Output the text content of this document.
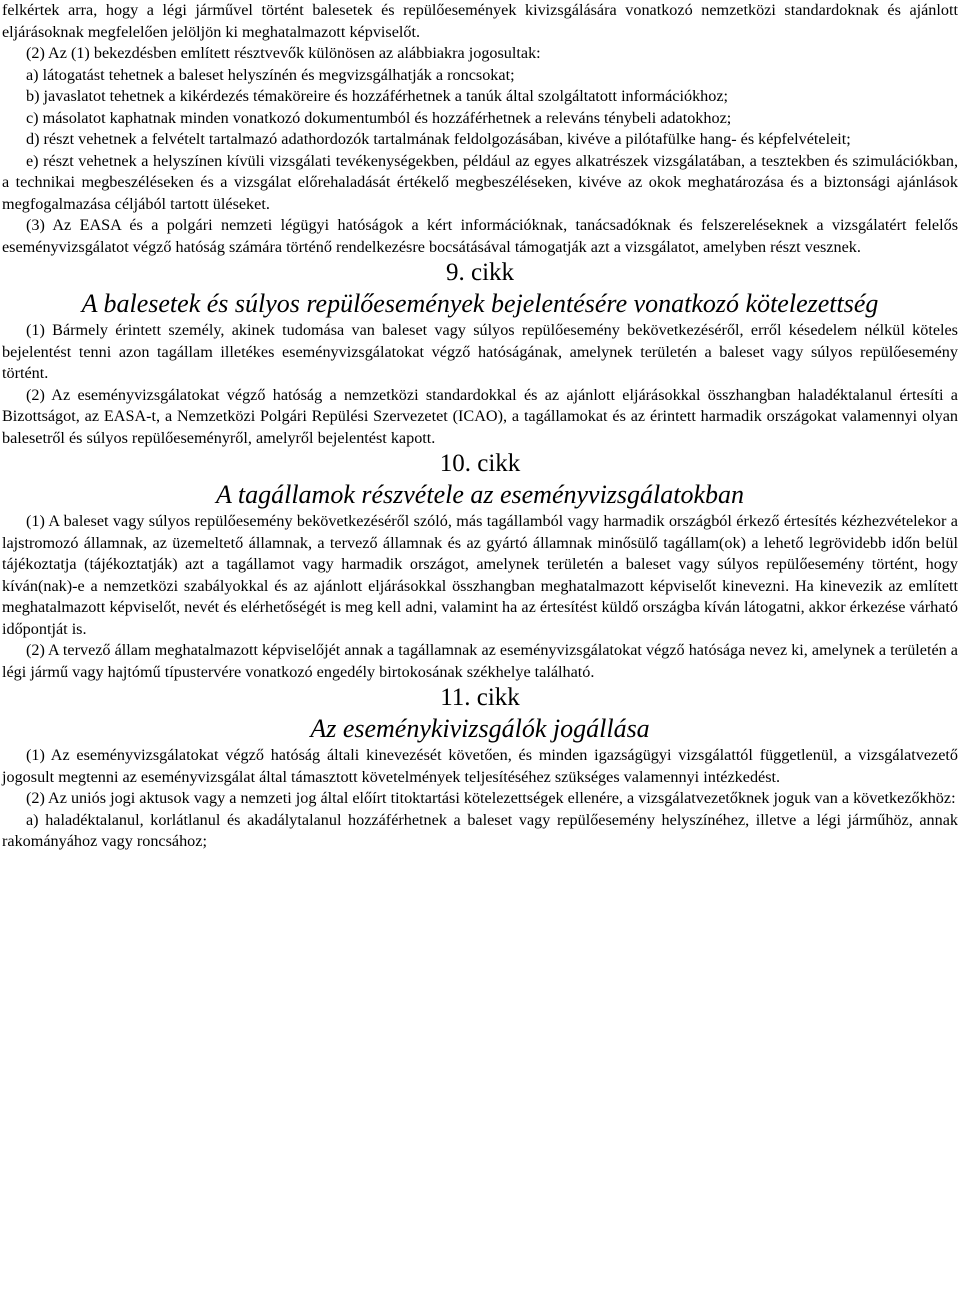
felkértek arra, hogy a légi járművel történt balesetek és repülőesemények kivizsgálására vonatkozó nemzetközi standardoknak és ajánlott eljárásoknak megfelelően jelöljön ki meghatalmazott képviselőt.

(2) Az (1) bekezdésben említett résztvevők különösen az alábbiakra jogosultak:

a) látogatást tehetnek a baleset helyszínén és megvizsgálhatják a roncsokat;

b) javaslatot tehetnek a kikérdezés témaköreire és hozzáférhetnek a tanúk által szolgáltatott információkhoz;

c) másolatot kaphatnak minden vonatkozó dokumentumból és hozzáférhetnek a releváns ténybeli adatokhoz;

d) részt vehetnek a felvételt tartalmazó adathordozók tartalmának feldolgozásában, kivéve a pilótafülke hang- és képfelvételeit;

e) részt vehetnek a helyszínen kívüli vizsgálati tevékenységekben, például az egyes alkatrészek vizsgálatában, a tesztekben és szimulációkban, a technikai megbeszéléseken és a vizsgálat előrehaladását értékelő megbeszéléseken, kivéve az okok meghatározása és a biztonsági ajánlások megfogalmazása céljából tartott üléseket.

(3) Az EASA és a polgári nemzeti légügyi hatóságok a kért információknak, tanácsadóknak és felszereléseknek a vizsgálatért felelős eseményvizsgálatot végző hatóság számára történő rendelkezésre bocsátásával támogatják azt a vizsgálatot, amelyben részt vesznek.

9. cikk

A balesetek és súlyos repülőesemények bejelentésére vonatkozó kötelezettség

(1) Bármely érintett személy, akinek tudomása van baleset vagy súlyos repülőesemény bekövetkezéséről, erről késedelem nélkül köteles bejelentést tenni azon tagállam illetékes eseményvizsgálatokat végző hatóságának, amelynek területén a baleset vagy súlyos repülőesemény történt.

(2) Az eseményvizsgálatokat végző hatóság a nemzetközi standardokkal és az ajánlott eljárásokkal összhangban haladéktalanul értesíti a Bizottságot, az EASA-t, a Nemzetközi Polgári Repülési Szervezetet (ICAO), a tagállamokat és az érintett harmadik országokat valamennyi olyan balesetről és súlyos repülőeseményről, amelyről bejelentést kapott.

10. cikk

A tagállamok részvétele az eseményvizsgálatokban

(1) A baleset vagy súlyos repülőesemény bekövetkezéséről szóló, más tagállamból vagy harmadik országból érkező értesítés kézhezvételekor a lajstromozó államnak, az üzemeltető államnak, a tervező államnak és az gyártó államnak minősülő tagállam(ok) a lehető legrövidebb időn belül tájékoztatja (tájékoztatják) azt a tagállamot vagy harmadik országot, amelynek területén a baleset vagy súlyos repülőesemény történt, hogy kíván(nak)-e a nemzetközi szabályokkal és az ajánlott eljárásokkal összhangban meghatalmazott képviselőt kinevezni. Ha kinevezik az említett meghatalmazott képviselőt, nevét és elérhetőségét is meg kell adni, valamint ha az értesítést küldő országba kíván látogatni, akkor érkezése várható időpontját is.

(2) A tervező állam meghatalmazott képviselőjét annak a tagállamnak az eseményvizsgálatokat végző hatósága nevez ki, amelynek a területén a légi jármű vagy hajtómű típustervére vonatkozó engedély birtokosának székhelye található.

11. cikk

Az eseménykivizsgálók jogállása

(1) Az eseményvizsgálatokat végző hatóság általi kinevezését követően, és minden igazságügyi vizsgálattól függetlenül, a vizsgálatvezető jogosult megtenni az eseményvizsgálat által támasztott követelmények teljesítéséhez szükséges valamennyi intézkedést.

(2) Az uniós jogi aktusok vagy a nemzeti jog által előírt titoktartási kötelezettségek ellenére, a vizsgálatvezetőknek joguk van a következőkhöz:

a) haladéktalanul, korlátlanul és akadálytalanul hozzáférhetnek a baleset vagy repülőesemény helyszínéhez, illetve a légi járműhöz, annak rakományához vagy roncsához;
